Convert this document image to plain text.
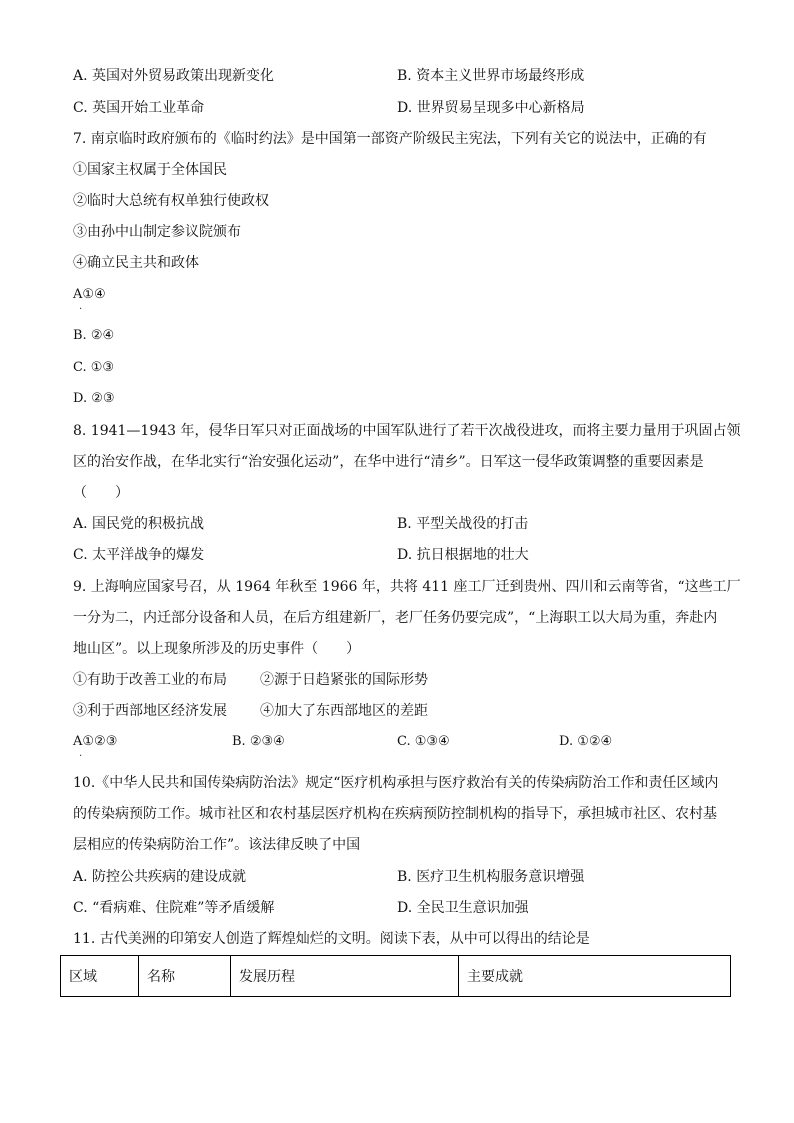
A. 英国对外贸易政策出现新变化	B. 资本主义世界市场最终形成
C. 英国开始工业革命	D. 世界贸易呈现多中心新格局
7. 南京临时政府颁布的《临时约法》是中国第一部资产阶级民主宪法，下列有关它的说法中，正确的有
①国家主权属于全体国民
②临时大总统有权单独行使政权
③由孙中山制定参议院颁布
④确立民主共和政体
A①④
·
B. ②④
C. ①③
D. ②③
8. 1941—1943 年，侵华日军只对正面战场的中国军队进行了若干次战役进攻，而将主要力量用于巩固占领
区的治安作战，在华北实行“治安强化运动”，在华中进行“清乡”。日军这一侵华政策调整的重要因素是
（　　）
A. 国民党的积极抗战	B. 平型关战役的打击
C. 太平洋战争的爆发	D. 抗日根据地的壮大
9. 上海响应国家号召，从 1964 年秋至 1966 年，共将 411 座工厂迁到贵州、四川和云南等省，“这些工厂
一分为二，内迁部分设备和人员，在后方组建新厂，老厂任务仍要完成”，“上海职工以大局为重，奔赴内
地山区”。以上现象所涉及的历史事件（　　）
①有助于改善工业的布局 ②源于日趋紧张的国际形势
③利于西部地区经济发展 ④加大了东西部地区的差距
A①②③
·
B. ②③④	C. ①③④	D. ①②④
10.《中华人民共和国传染病防治法》规定“医疗机构承担与医疗救治有关的传染病防治工作和责任区域内
的传染病预防工作。城市社区和农村基层医疗机构在疾病预防控制机构的指导下，承担城市社区、农村基
层相应的传染病防治工作”。该法律反映了中国
A. 防控公共疾病的建设成就	B. 医疗卫生机构服务意识增强
C. “看病难、住院难”等矛盾缓解	D. 全民卫生意识加强
11. 古代美洲的印第安人创造了辉煌灿烂的文明。阅读下表，从中可以得出的结论是
区域	名称	发展历程	主要成就
